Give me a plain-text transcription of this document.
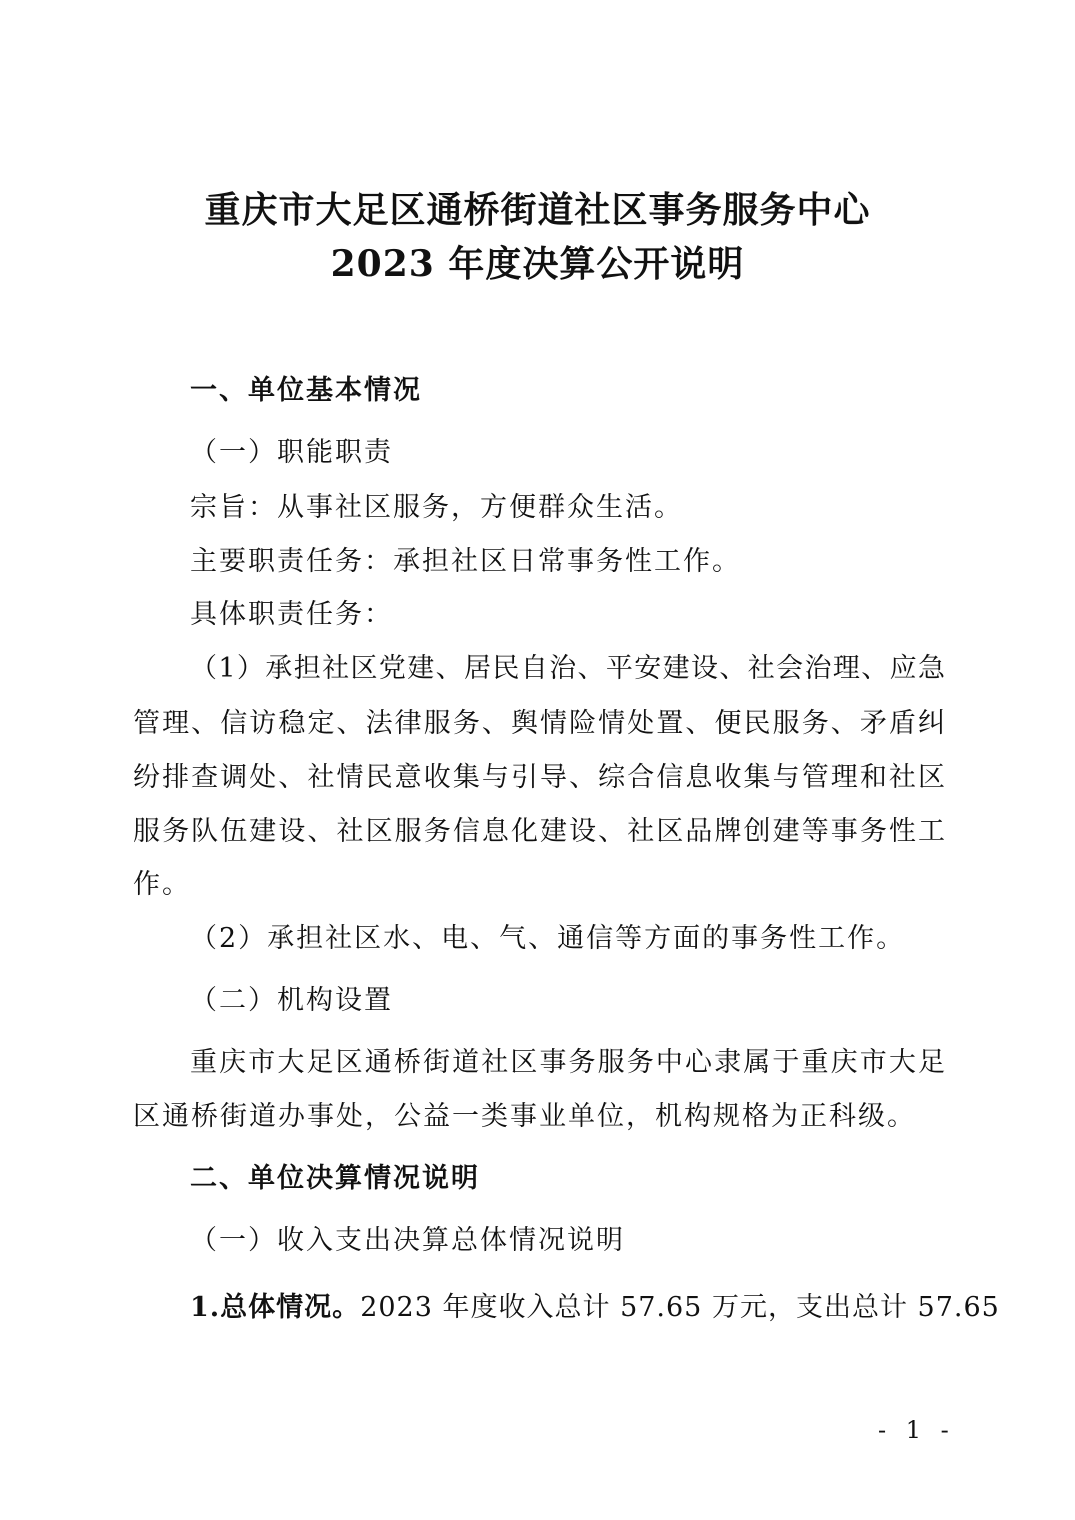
重庆市大足区通桥街道社区事务服务中心
2023 年度决算公开说明
一、单位基本情况
（一）职能职责
宗旨：从事社区服务，方便群众生活。
主要职责任务：承担社区日常事务性工作。
具体职责任务：
（1）承担社区党建、居民自治、平安建设、社会治理、应急
管理、信访稳定、法律服务、舆情险情处置、便民服务、矛盾纠
纷排查调处、社情民意收集与引导、综合信息收集与管理和社区
服务队伍建设、社区服务信息化建设、社区品牌创建等事务性工
作。
（2）承担社区水、电、气、通信等方面的事务性工作。
（二）机构设置
重庆市大足区通桥街道社区事务服务中心隶属于重庆市大足
区通桥街道办事处，公益一类事业单位，机构规格为正科级。
二、单位决算情况说明
（一）收入支出决算总体情况说明
1.总体情况。2023 年度收入总计 57.65 万元，支出总计 57.65
- 1 -
